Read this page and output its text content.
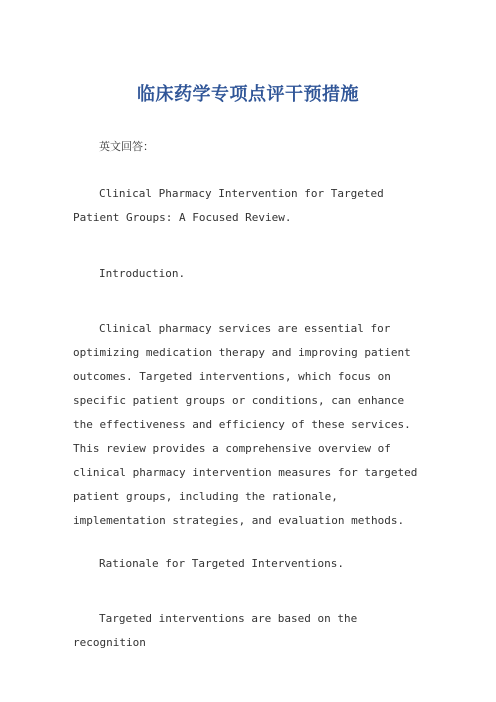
临床药学专项点评干预措施

英文回答：

Clinical Pharmacy Intervention for Targeted Patient Groups: A Focused Review.

Introduction.

Clinical pharmacy services are essential for optimizing medication therapy and improving patient outcomes. Targeted interventions, which focus on specific patient groups or conditions, can enhance the effectiveness and efficiency of these services. This review provides a comprehensive overview of clinical pharmacy intervention measures for targeted patient groups, including the rationale, implementation strategies, and evaluation methods.

Rationale for Targeted Interventions.

Targeted interventions are based on the recognition
